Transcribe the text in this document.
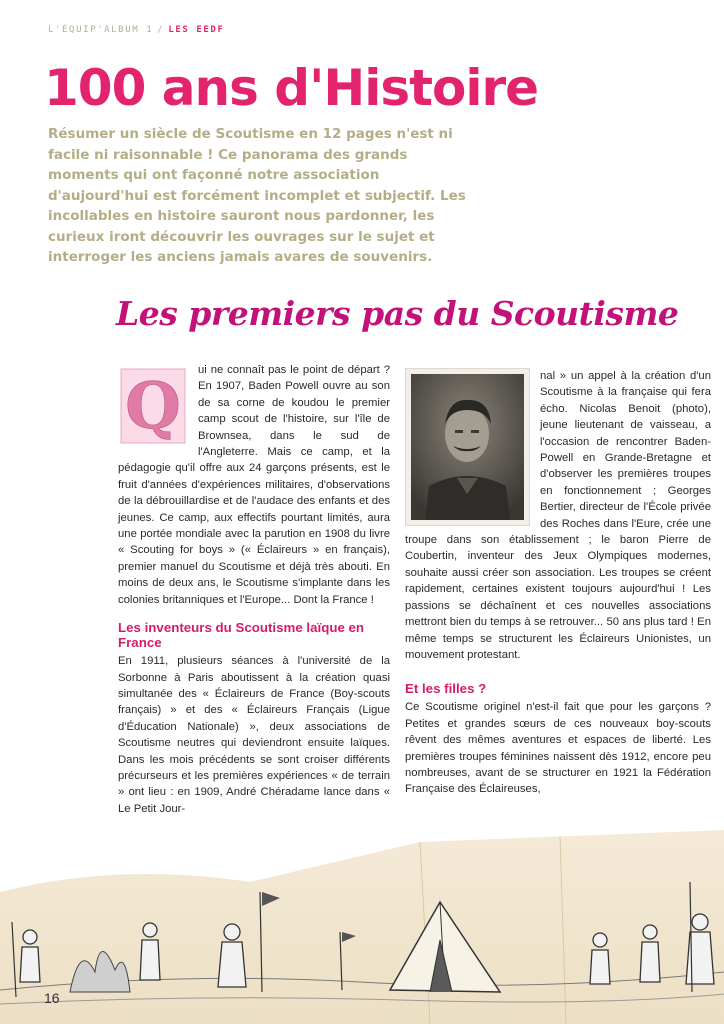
L'ÉQUIP'ALBUM 1 / LES EEDF
100 ans d'Histoire

Résumer un siècle de Scoutisme en 12 pages n'est ni facile ni raisonnable ! Ce panorama des grands moments qui ont façonné notre association d'aujourd'hui est forcément incomplet et subjectif. Les incollables en histoire sauront nous pardonner, les curieux iront découvrir les ouvrages sur le sujet et interroger les anciens jamais avares de souvenirs.

Les premiers pas du Scoutisme
Q	ui ne connaît pas le point de départ ? En 1907, Baden Powell ouvre au son de sa corne de koudou le premier camp scout de l'histoire, sur l'île de Brownsea, dans le sud de l'Angleterre. Mais ce camp, et la pédagogie qu'il offre aux 24 garçons présents, est le fruit d'années d'expériences militaires, d'observations de la débrouillardise et de l'audace des enfants et des jeunes. Ce camp, aux effectifs pourtant limités, aura une portée mondiale avec la parution en 1908 du livre « Scouting for boys » (« Éclaireurs » en français), premier manuel du Scoutisme et déjà très abouti. En moins de deux ans, le Scoutisme s'implante dans les colonies britanniques et l'Europe... Dont la France !

Les inventeurs du Scoutisme laïque en France

En 1911, plusieurs séances à l'université de la Sorbonne à Paris aboutissent à la création quasi simultanée des « Éclaireurs de France (Boy-scouts français) » et des « Éclaireurs Français (Ligue d'Éducation Nationale) », deux associations de Scoutisme neutres qui deviendront ensuite laïques. Dans les mois précédents se sont croiser différents précurseurs et les premières expériences « de terrain » ont lieu : en 1909, André Chéradame lance dans « Le Petit Jour-

nal » un appel à la création d'un Scoutisme à la française qui fera écho. Nicolas Benoit (photo), jeune lieutenant de vaisseau, a l'occasion de rencontrer Baden-Powell en Grande-Bretagne et d'observer les premières troupes en fonctionnement ; Georges Bertier, directeur de l'École privée des Roches dans l'Eure, crée une troupe dans son établissement ; le baron Pierre de Coubertin, inventeur des Jeux Olympiques modernes, souhaite aussi créer son association. Les troupes se créent rapidement, certaines existent toujours aujourd'hui ! Les passions se déchaînent et ces nouvelles associations mettront bien du temps à se retrouver... 50 ans plus tard ! En même temps se structurent les Éclaireurs Unionistes, un mouvement protestant.

Et les filles ?

Ce Scoutisme originel n'est-il fait que pour les garçons ? Petites et grandes sœurs de ces nouveaux boy-scouts rêvent des mêmes aventures et espaces de liberté. Les premières troupes féminines naissent dès 1912, encore peu nombreuses, avant de se structurer en 1921 la Fédération Française des Éclaireuses,

16
